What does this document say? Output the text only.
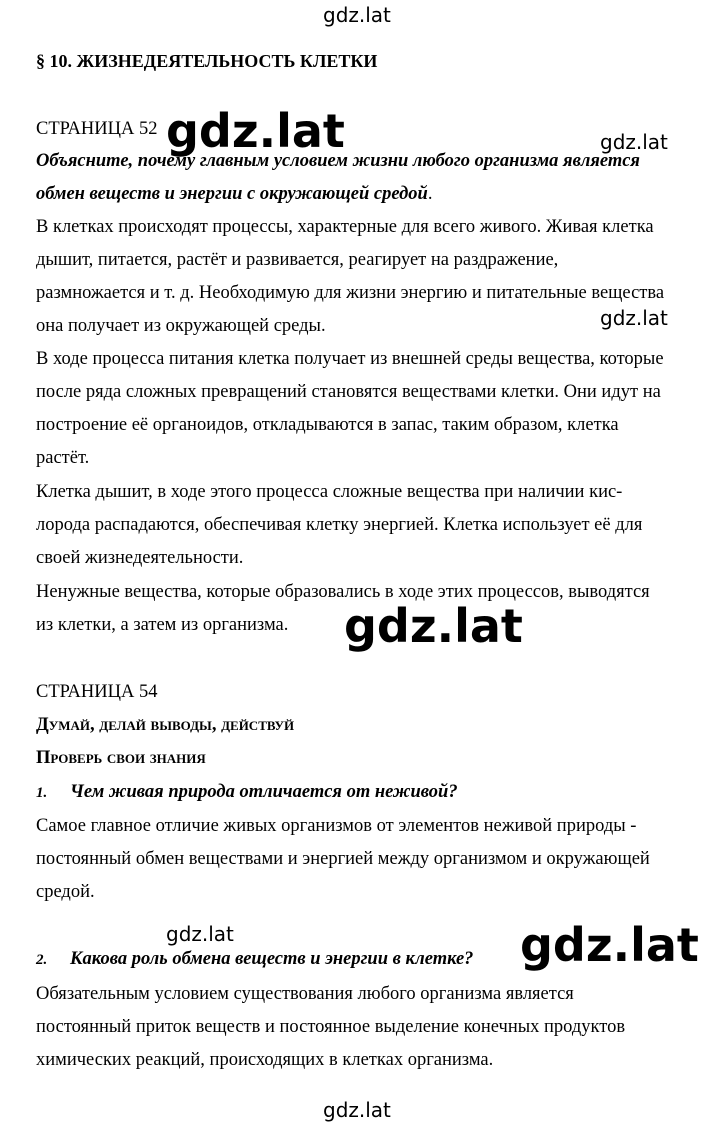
gdz.lat
§ 10. ЖИЗНЕДЕЯТЕЛЬНОСТЬ КЛЕТКИ
СТРАНИЦА 52 gdz.lat	gdz.lat
Объясните, почему главным условием жизни любого организма является
обмен веществ и энергии с окружающей средой.
В клетках происходят процессы, характерные для всего живого. Живая клетка
дышит, питается, растёт и развивается, реагирует на раздражение,
размножается и т. д. Необходимую для жизни энергию и питательные вещества
она получает из окружающей среды.	gdz.lat
В ходе процесса питания клетка получает из внешней среды вещества, которые
после ряда сложных превращений становятся веществами клетки. Они идут на
построение её органоидов, откладываются в запас, таким образом, клетка
растёт.
Клетка дышит, в ходе этого процесса сложные вещества при наличии кис-
лорода распадаются, обеспечивая клетку энергией. Клетка использует её для
своей жизнедеятельности.
Ненужные вещества, которые образовались в ходе этих процессов, выводятся
из клетки, а затем из организма.	gdz.lat
СТРАНИЦА 54
Думай, делай выводы, действуй
Проверь свои знания
1. Чем живая природа отличается от неживой?
Самое главное отличие живых организмов от элементов неживой природы -
постоянный обмен веществами и энергией между организмом и окружающей
средой.
gdz.lat
2. Какова роль обмена веществ и энергии в клетке?	gdz.lat
Обязательным условием существования любого организма является
постоянный приток веществ и постоянное выделение конечных продуктов
химических реакций, происходящих в клетках организма.
gdz.lat
